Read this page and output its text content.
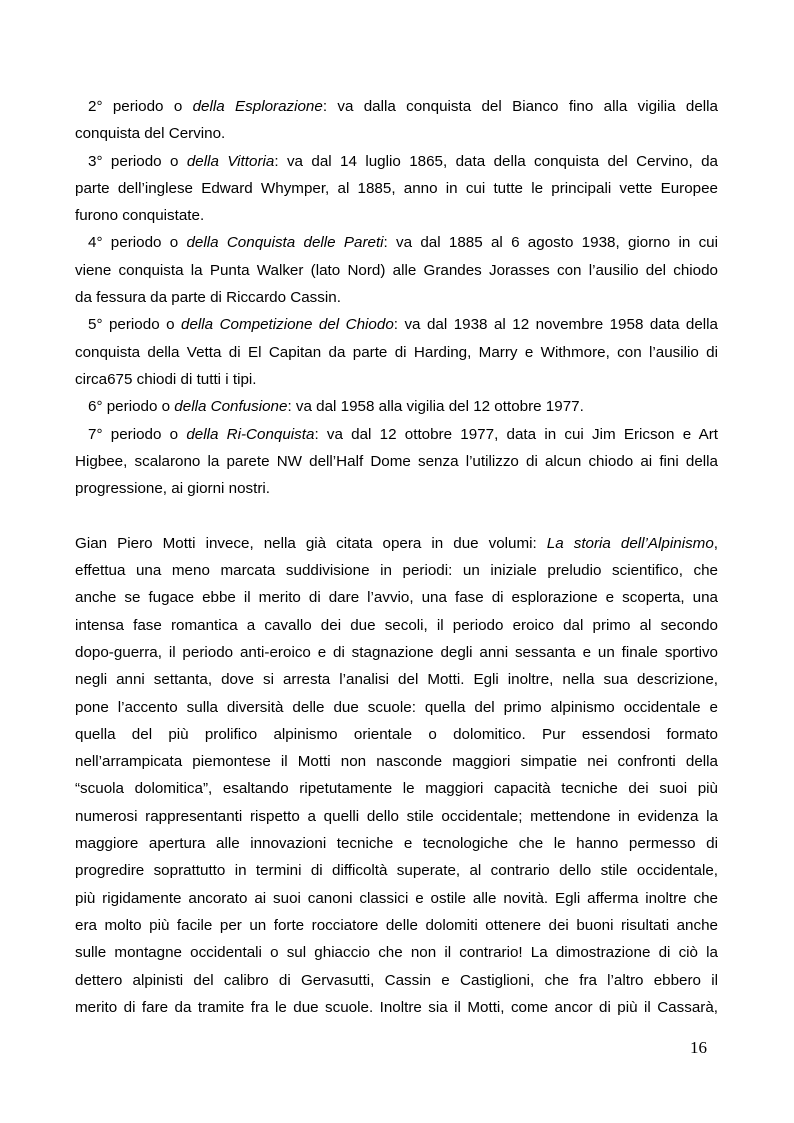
2° periodo o della Esplorazione: va dalla conquista del Bianco fino alla vigilia della
conquista del Cervino.
3° periodo o della Vittoria: va dal 14 luglio 1865, data della conquista del Cervino, da
parte dell’inglese Edward Whymper, al 1885, anno in cui tutte le principali vette Europee
furono conquistate.
4° periodo o della Conquista delle Pareti: va dal 1885 al 6 agosto 1938, giorno in cui
viene conquista la Punta Walker (lato Nord) alle Grandes Jorasses con l’ausilio del chiodo
da fessura da parte di Riccardo Cassin.
5° periodo o della Competizione del Chiodo: va dal 1938 al 12 novembre 1958 data della
conquista della Vetta di El Capitan da parte di Harding, Marry e Withmore, con l’ausilio di
circa675 chiodi di tutti i tipi.
6° periodo o della Confusione: va dal 1958 alla vigilia del 12 ottobre 1977.
7° periodo o della Ri-Conquista: va dal 12 ottobre 1977, data in cui Jim Ericson e Art
Higbee, scalarono la parete NW dell’Half Dome senza l’utilizzo di alcun chiodo ai fini della
progressione, ai giorni nostri.
Gian Piero Motti invece, nella già citata opera in due volumi: La storia dell’Alpinismo,
effettua una meno marcata suddivisione in periodi: un iniziale preludio scientifico, che
anche se fugace ebbe il merito di dare l’avvio, una fase di esplorazione e scoperta, una
intensa fase romantica a cavallo dei due secoli, il periodo eroico dal primo al secondo
dopo-guerra, il periodo anti-eroico e di stagnazione degli anni sessanta e un finale sportivo
negli anni settanta, dove si arresta l’analisi del Motti. Egli inoltre, nella sua descrizione,
pone l’accento sulla diversità delle due scuole: quella del primo alpinismo occidentale e
quella del più prolifico alpinismo orientale o dolomitico. Pur essendosi formato
nell’arrampicata piemontese il Motti non nasconde maggiori simpatie nei confronti della
“scuola dolomitica”, esaltando ripetutamente le maggiori capacità tecniche dei suoi più
numerosi rappresentanti rispetto a quelli dello stile occidentale; mettendone in evidenza la
maggiore apertura alle innovazioni tecniche e tecnologiche che le hanno permesso di
progredire soprattutto in termini di difficoltà superate, al contrario dello stile occidentale,
più rigidamente ancorato ai suoi canoni classici e ostile alle novità. Egli afferma inoltre che
era molto più facile per un forte rocciatore delle dolomiti ottenere dei buoni risultati anche
sulle montagne occidentali o sul ghiaccio che non il contrario! La dimostrazione di ciò la
dettero alpinisti del calibro di Gervasutti, Cassin e Castiglioni, che fra l’altro ebbero il
merito di fare da tramite fra le due scuole. Inoltre sia il Motti, come ancor di più il Cassarà,
16
